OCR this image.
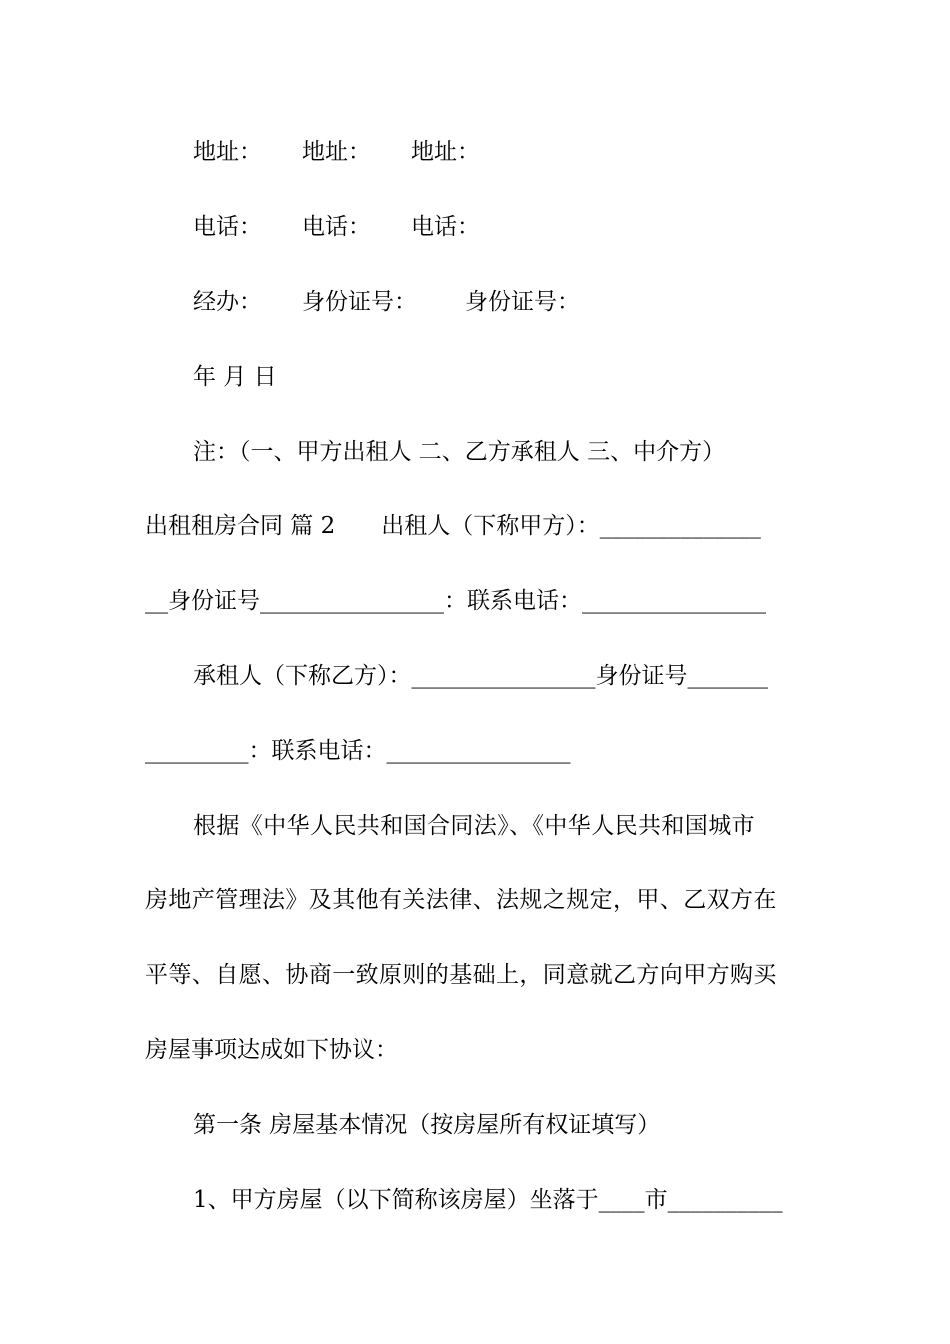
地址： 地址： 地址：
电话： 电话： 电话：
经办： 身份证号： 身份证号：
年 月 日
注：（一、甲方出租人 二、乙方承租人 三、中介方）
出租租房合同 篇 2 出租人（下称甲方）：______________
__身份证号________________：联系电话：________________
承租人（下称乙方）：________________身份证号_______
_________：联系电话：________________
根据《中华人民共和国合同法》、《中华人民共和国城市
房地产管理法》及其他有关法律、法规之规定，甲、乙双方在
平等、自愿、协商一致原则的基础上，同意就乙方向甲方购买
房屋事项达成如下协议：
第一条 房屋基本情况（按房屋所有权证填写）
1、甲方房屋（以下简称该房屋）坐落于____市__________
